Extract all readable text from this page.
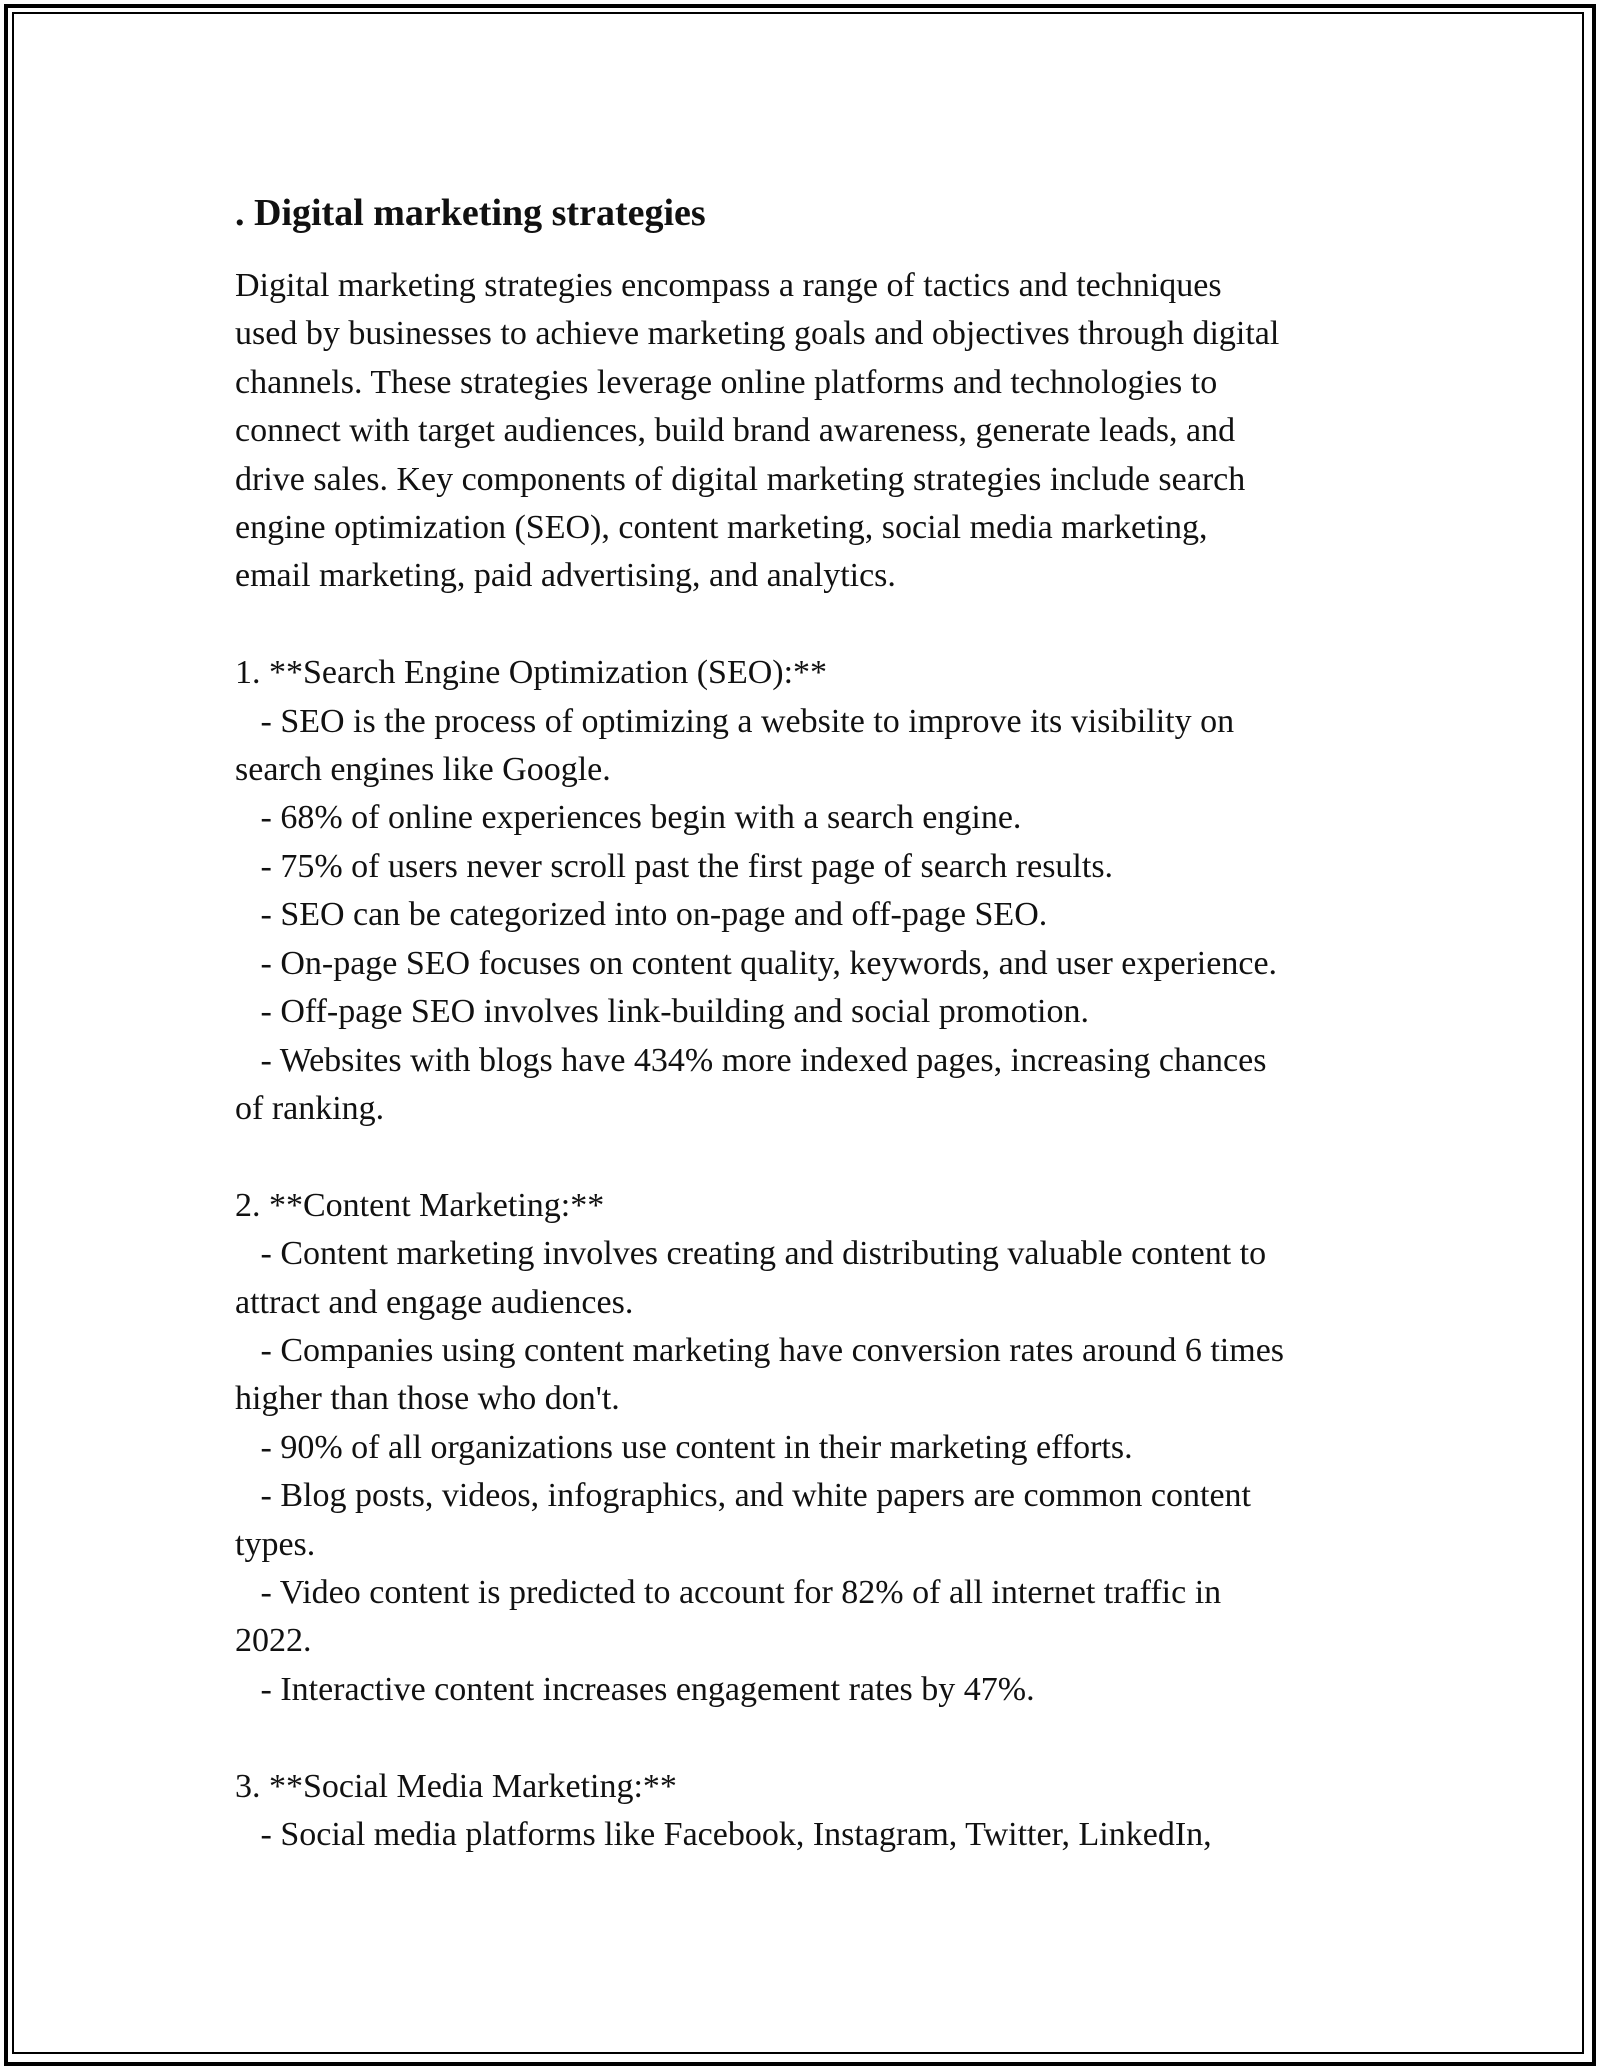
. Digital marketing strategies

Digital marketing strategies encompass a range of tactics and techniques
used by businesses to achieve marketing goals and objectives through digital
channels. These strategies leverage online platforms and technologies to
connect with target audiences, build brand awareness, generate leads, and
drive sales. Key components of digital marketing strategies include search
engine optimization (SEO), content marketing, social media marketing,
email marketing, paid advertising, and analytics.

1. **Search Engine Optimization (SEO):**
- SEO is the process of optimizing a website to improve its visibility on
search engines like Google.
- 68% of online experiences begin with a search engine.
- 75% of users never scroll past the first page of search results.
- SEO can be categorized into on-page and off-page SEO.
- On-page SEO focuses on content quality, keywords, and user experience.
- Off-page SEO involves link-building and social promotion.
- Websites with blogs have 434% more indexed pages, increasing chances
of ranking.

2. **Content Marketing:**
- Content marketing involves creating and distributing valuable content to
attract and engage audiences.
- Companies using content marketing have conversion rates around 6 times
higher than those who don't.
- 90% of all organizations use content in their marketing efforts.
- Blog posts, videos, infographics, and white papers are common content
types.
- Video content is predicted to account for 82% of all internet traffic in
2022.
- Interactive content increases engagement rates by 47%.

3. **Social Media Marketing:**
- Social media platforms like Facebook, Instagram, Twitter, LinkedIn,
